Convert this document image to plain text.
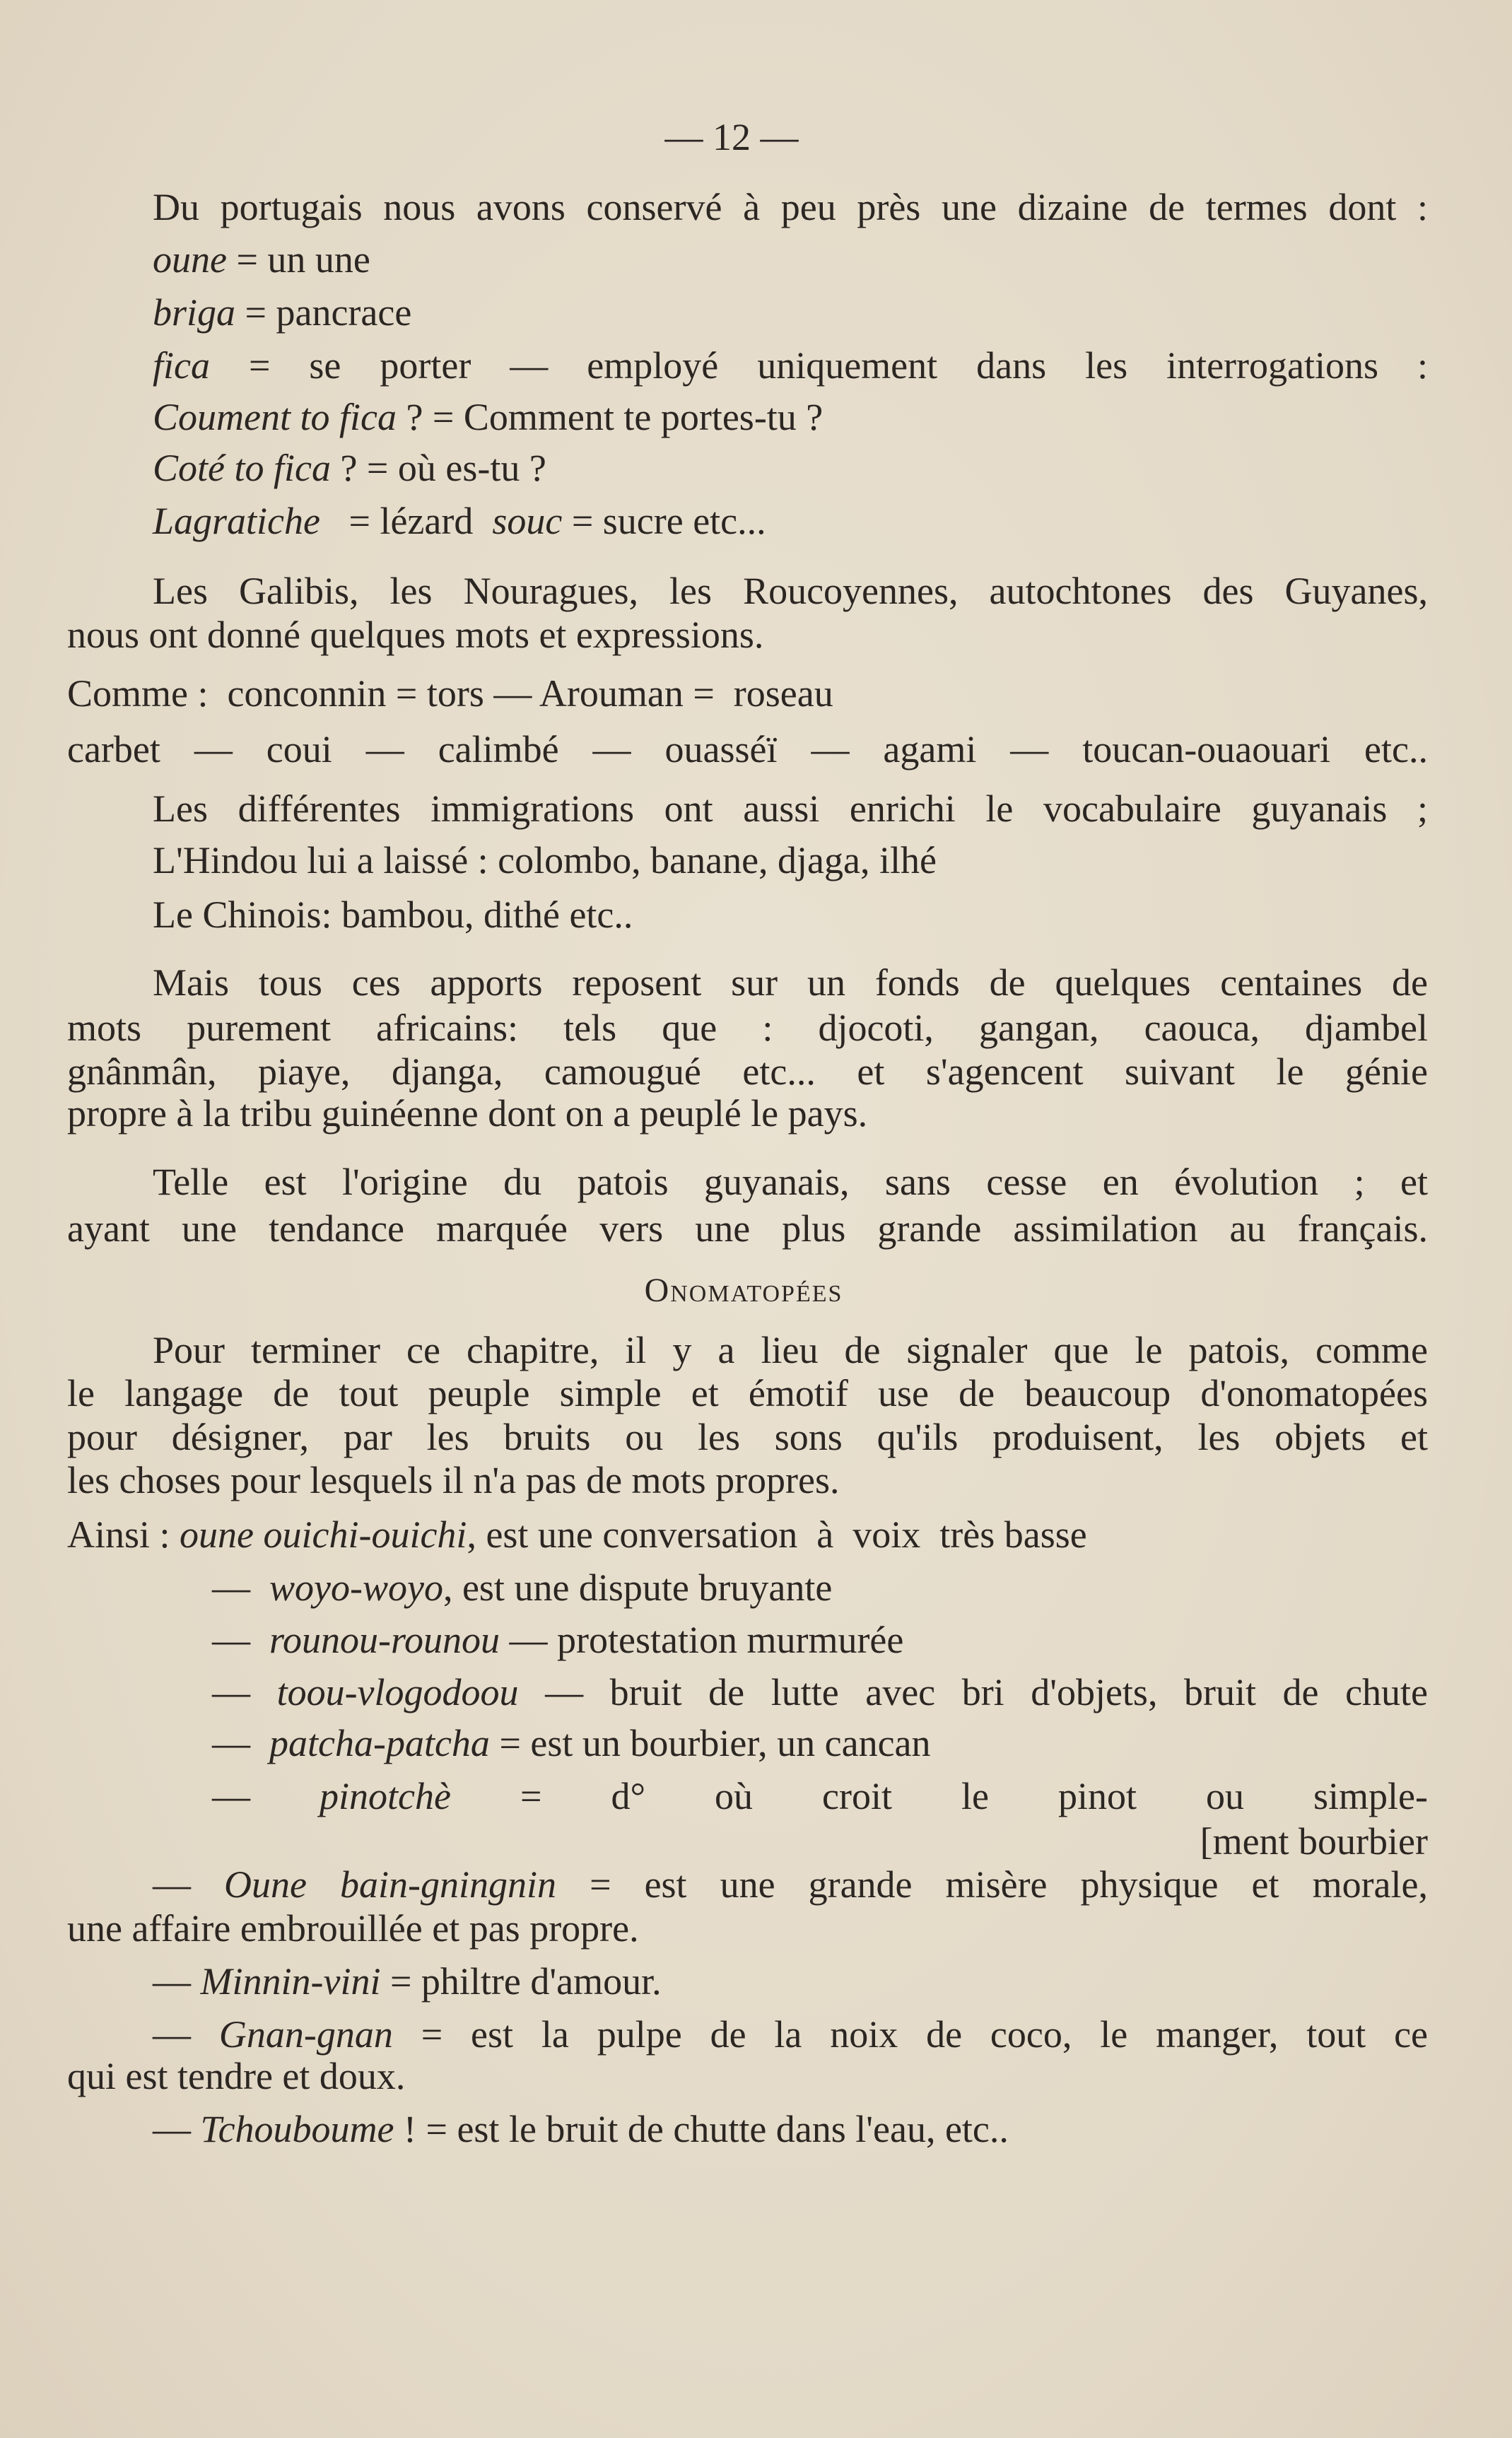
— 12 —
Onomatopées
Du portugais nous avons conservé à peu près une dizaine de termes dont :
oune = un une
briga = pancrace
fica = se porter — employé uniquement dans les interrogations :
Coument to fica ? = Comment te portes-tu ?
Coté to fica ? = où es-tu ?
Lagratiche   = lézard  souc = sucre etc...
Les Galibis, les Nouragues, les Roucoyennes, autochtones des Guyanes,
nous ont donné quelques mots et expressions.
Comme :  conconnin = tors — Arouman =  roseau
carbet — coui — calimbé — ouasséï — agami — toucan-ouaouari etc..
Les différentes immigrations ont aussi enrichi le vocabulaire guyanais ;
L'Hindou lui a laissé : colombo, banane, djaga, ilhé
Le Chinois: bambou, dithé etc..
Mais tous ces apports reposent sur un fonds de quelques centaines de
mots purement africains: tels que : djocoti, gangan, caouca, djambel
gnânmân, piaye, djanga, camougué etc... et s'agencent suivant le génie
propre à la tribu guinéenne dont on a peuplé le pays.
Telle est l'origine du patois guyanais, sans cesse en évolution ; et
ayant une tendance marquée vers une plus grande assimilation au français.
Pour terminer ce chapitre, il y a lieu de signaler que le patois, comme
le langage de tout peuple simple et émotif use de beaucoup d'onomatopées
pour désigner, par les bruits ou les sons qu'ils produisent, les objets et
les choses pour lesquels il n'a pas de mots propres.
Ainsi : oune ouichi-ouichi, est une conversation  à  voix  très basse
—  woyo-woyo, est une dispute bruyante
—  rounou-rounou — protestation murmurée
— toou-vlogodoou — bruit de lutte avec bri d'objets, bruit de chute
—  patcha-patcha = est un bourbier, un cancan
— pinotchè = d° où croit le pinot ou simple-
[ment bourbier
— Oune bain-gningnin = est une grande misère physique et morale,
une affaire embrouillée et pas propre.
— Minnin-vini = philtre d'amour.
— Gnan-gnan = est la pulpe de la noix de coco, le manger, tout ce
qui est tendre et doux.
— Tchouboume ! = est le bruit de chutte dans l'eau, etc..
